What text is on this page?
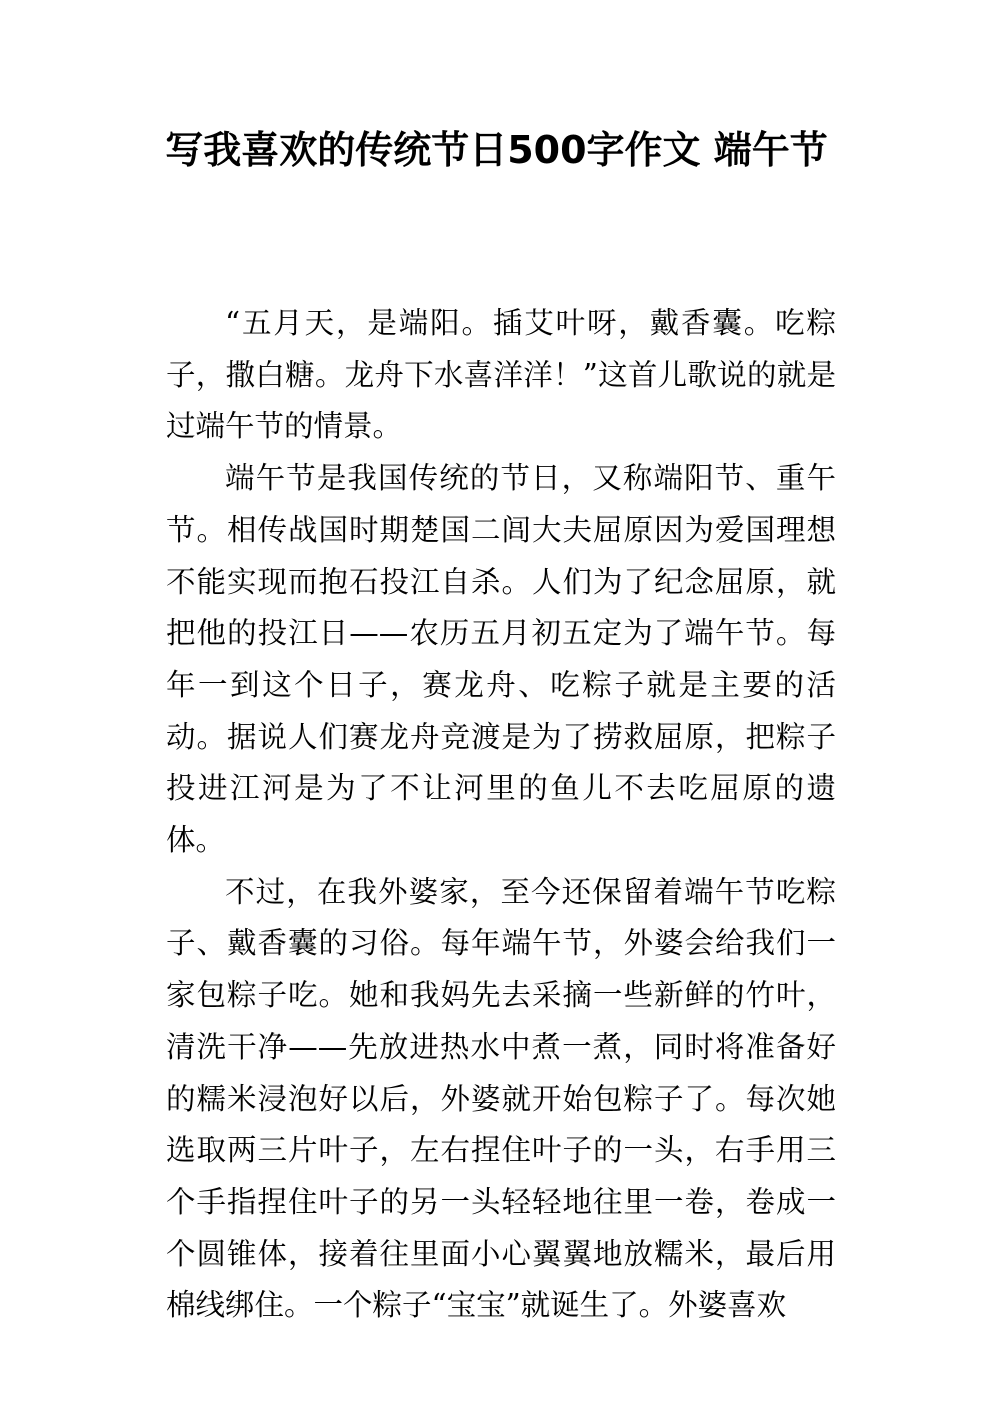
写我喜欢的传统节日500字作文 端午节

“五月天，是端阳。插艾叶呀，戴香囊。吃粽子，撒白糖。龙舟下水喜洋洋！”这首儿歌说的就是过端午节的情景。

端午节是我国传统的节日，又称端阳节、重午节。相传战国时期楚国二闾大夫屈原因为爱国理想不能实现而抱石投江自杀。人们为了纪念屈原，就把他的投江日——农历五月初五定为了端午节。每年一到这个日子，赛龙舟、吃粽子就是主要的活动。据说人们赛龙舟竞渡是为了捞救屈原，把粽子投进江河是为了不让河里的鱼儿不去吃屈原的遗体。

不过，在我外婆家，至今还保留着端午节吃粽子、戴香囊的习俗。每年端午节，外婆会给我们一家包粽子吃。她和我妈先去采摘一些新鲜的竹叶，清洗干净——先放进热水中煮一煮，同时将准备好的糯米浸泡好以后，外婆就开始包粽子了。每次她选取两三片叶子，左右捏住叶子的一头，右手用三个手指捏住叶子的另一头轻轻地往里一卷，卷成一个圆锥体，接着往里面小心翼翼地放糯米，最后用棉线绑住。一个粽子“宝宝”就诞生了。外婆喜欢
